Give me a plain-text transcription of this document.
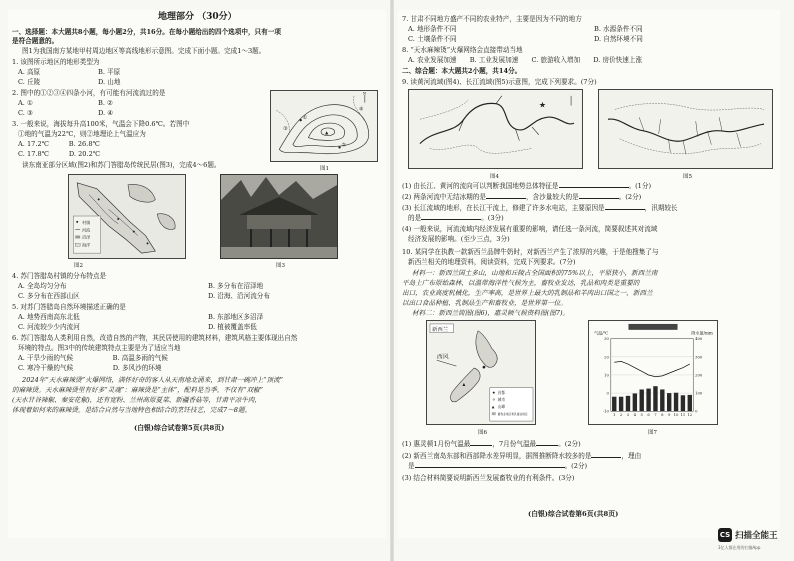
地理部分 （30分）
一、选择题：本大题共8小题，每小题2分，共16分。在每小题给出的四个选项中，只有一项
是符合题意的。
图1为我国南方某地甲村周边地区等高线地形示意图。完成下面小题。完成1～3题。
1. 该图所示地区的地形类型为
A. 高原	B. 平原
C. 丘陵	D. 山地
2. 图中的①②③④四条小河，有可能有河流流过的是
A. ①	B. ②
C. ③	D. ④
3. 一般来说，海拔每升高100米，气温会下降0.6℃。若图中
①地的气温为22℃，则②地理论上气温应为
A. 17.2℃　　　B. 26.8℃
C. 17.8℃　　　D. 20.2℃
①
②
③
④
▲
N
图1
读东南亚部分区域(图2)和苏门答腊岛传统民居(图3)，完成4～6题。
村镇
河流
沼泽
海洋
图2	图3
4. 苏门答腊岛村镇的分布特点是
A. 全岛均匀分布	B. 多分布在沼泽地
C. 多分布在西部山区	D. 沿海、沿河流分布
5. 对苏门答腊岛自然环境描述正确的是
A. 地势西南高东北低	B. 东部地区多沼泽
C. 河流较少少内流河	D. 植被覆盖率低
6. 苏门答腊岛人类利用自然，改造自然的产物，其民居使用的建筑材料，建筑风格主要体现出自然
环境的特点。图3中的传统建筑特点主要是为了适应当地
A. 干旱少雨的气候　　　　　　B. 高温多雨的气候
C. 寒冷干燥的气候　　　　　　D. 多风沙的环境
2024年“天水麻辣烫”火爆网络，满怀好奇的客人从天南地北涌来，到甘肃一碗冲上“顶流”
的麻辣烫。天水麻辣烫里有好多“灵魂”：麻辣烫是“主体”，配料是当季。不仅有“双椒”
(天水甘谷辣椒、秦安花椒)，还有宽粉、兰州高原夏菜、新疆香菇等，甘肃平凉牛肉，
体现着如何来的麻辣烫。是结合自然与当地特色相结合的烹饪技艺，完成7～8题。
(白银)综合试卷第5页(共8页)
7. 甘肃不同地方盛产不同的农业特产，主要是因为不同的地方
A. 地形条件不同	B. 水源条件不同
C. 土壤条件不同	D. 自然环境不同
8. “天水麻辣烫”火爆网络会直接带动当地
A. 农业发展加速　　B. 工业发展加速　　C. 旅游收入增加　　D. 房价快速上涨
二、综合题：本大题共2小题，共14分。
9. 读黄河流域(图4)、长江流域(图5)示意图，完成下列要求。(7分)
★
图4	图5
(1) 由长江、黄河的流向可以判断我国地势总体特征是	。(1分)
(2) 两条河流中无结冰期的是	，含沙量较大的是	。(2分)
(3) 长江流域的地形，在长江干流上，修建了许多水电站，主要原因是	，汛期较长
的是	。(3分)
(4) 一般来说，河流流域内经济发展有重要的影响，请任选一条河流，简要叙述其对流域
经济发展的影响。(至少三点，3分)
10. 某同学在执教一款新西兰品牌牛奶时，对新西兰产生了浓厚的兴趣，于是他搜集了与
新西兰相关的地理资料，阅读资料，完成下列要求。(7分)
材料一：新西兰国土多山，山地和丘陵占全国面积的75%以上，平原狭小，新西兰南
平岛上广布原始森林，以温带海洋性气候为主，畜牧业发达，乳品和肉类是重要的
出口，农业高度机械化，生产率高，是世界上最大的乳制品和羊肉出口国之一，新西兰
以出口食品种植、乳制品生产和畜牧业，是世界第一位。
材料二：新西兰简图(图6)，惠灵顿气候资料图(图7)。
新西兰
西风
▲
▲
首都
城市
山峰
畜牧业地区和乳畜业地区
图6
气温/℃	降水量/mm
-10
0
10
20
30
0
100
200
300
400
1 2 3 4 5 6 7 8 9 10 11 12
图7
(1) 惠灵顿1月份气温最	，7月份气温最	。(2分)
(2) 新西兰南岛东部和西部降水差异明显，据图推断降水较多的是	，理由
是	。(2分)
(3) 结合材料简要说明新西兰发展畜牧业的有利条件。(3分)
(白银)综合试卷第6页(共8页)
CS 扫描全能王
3亿人都在用的扫描App
